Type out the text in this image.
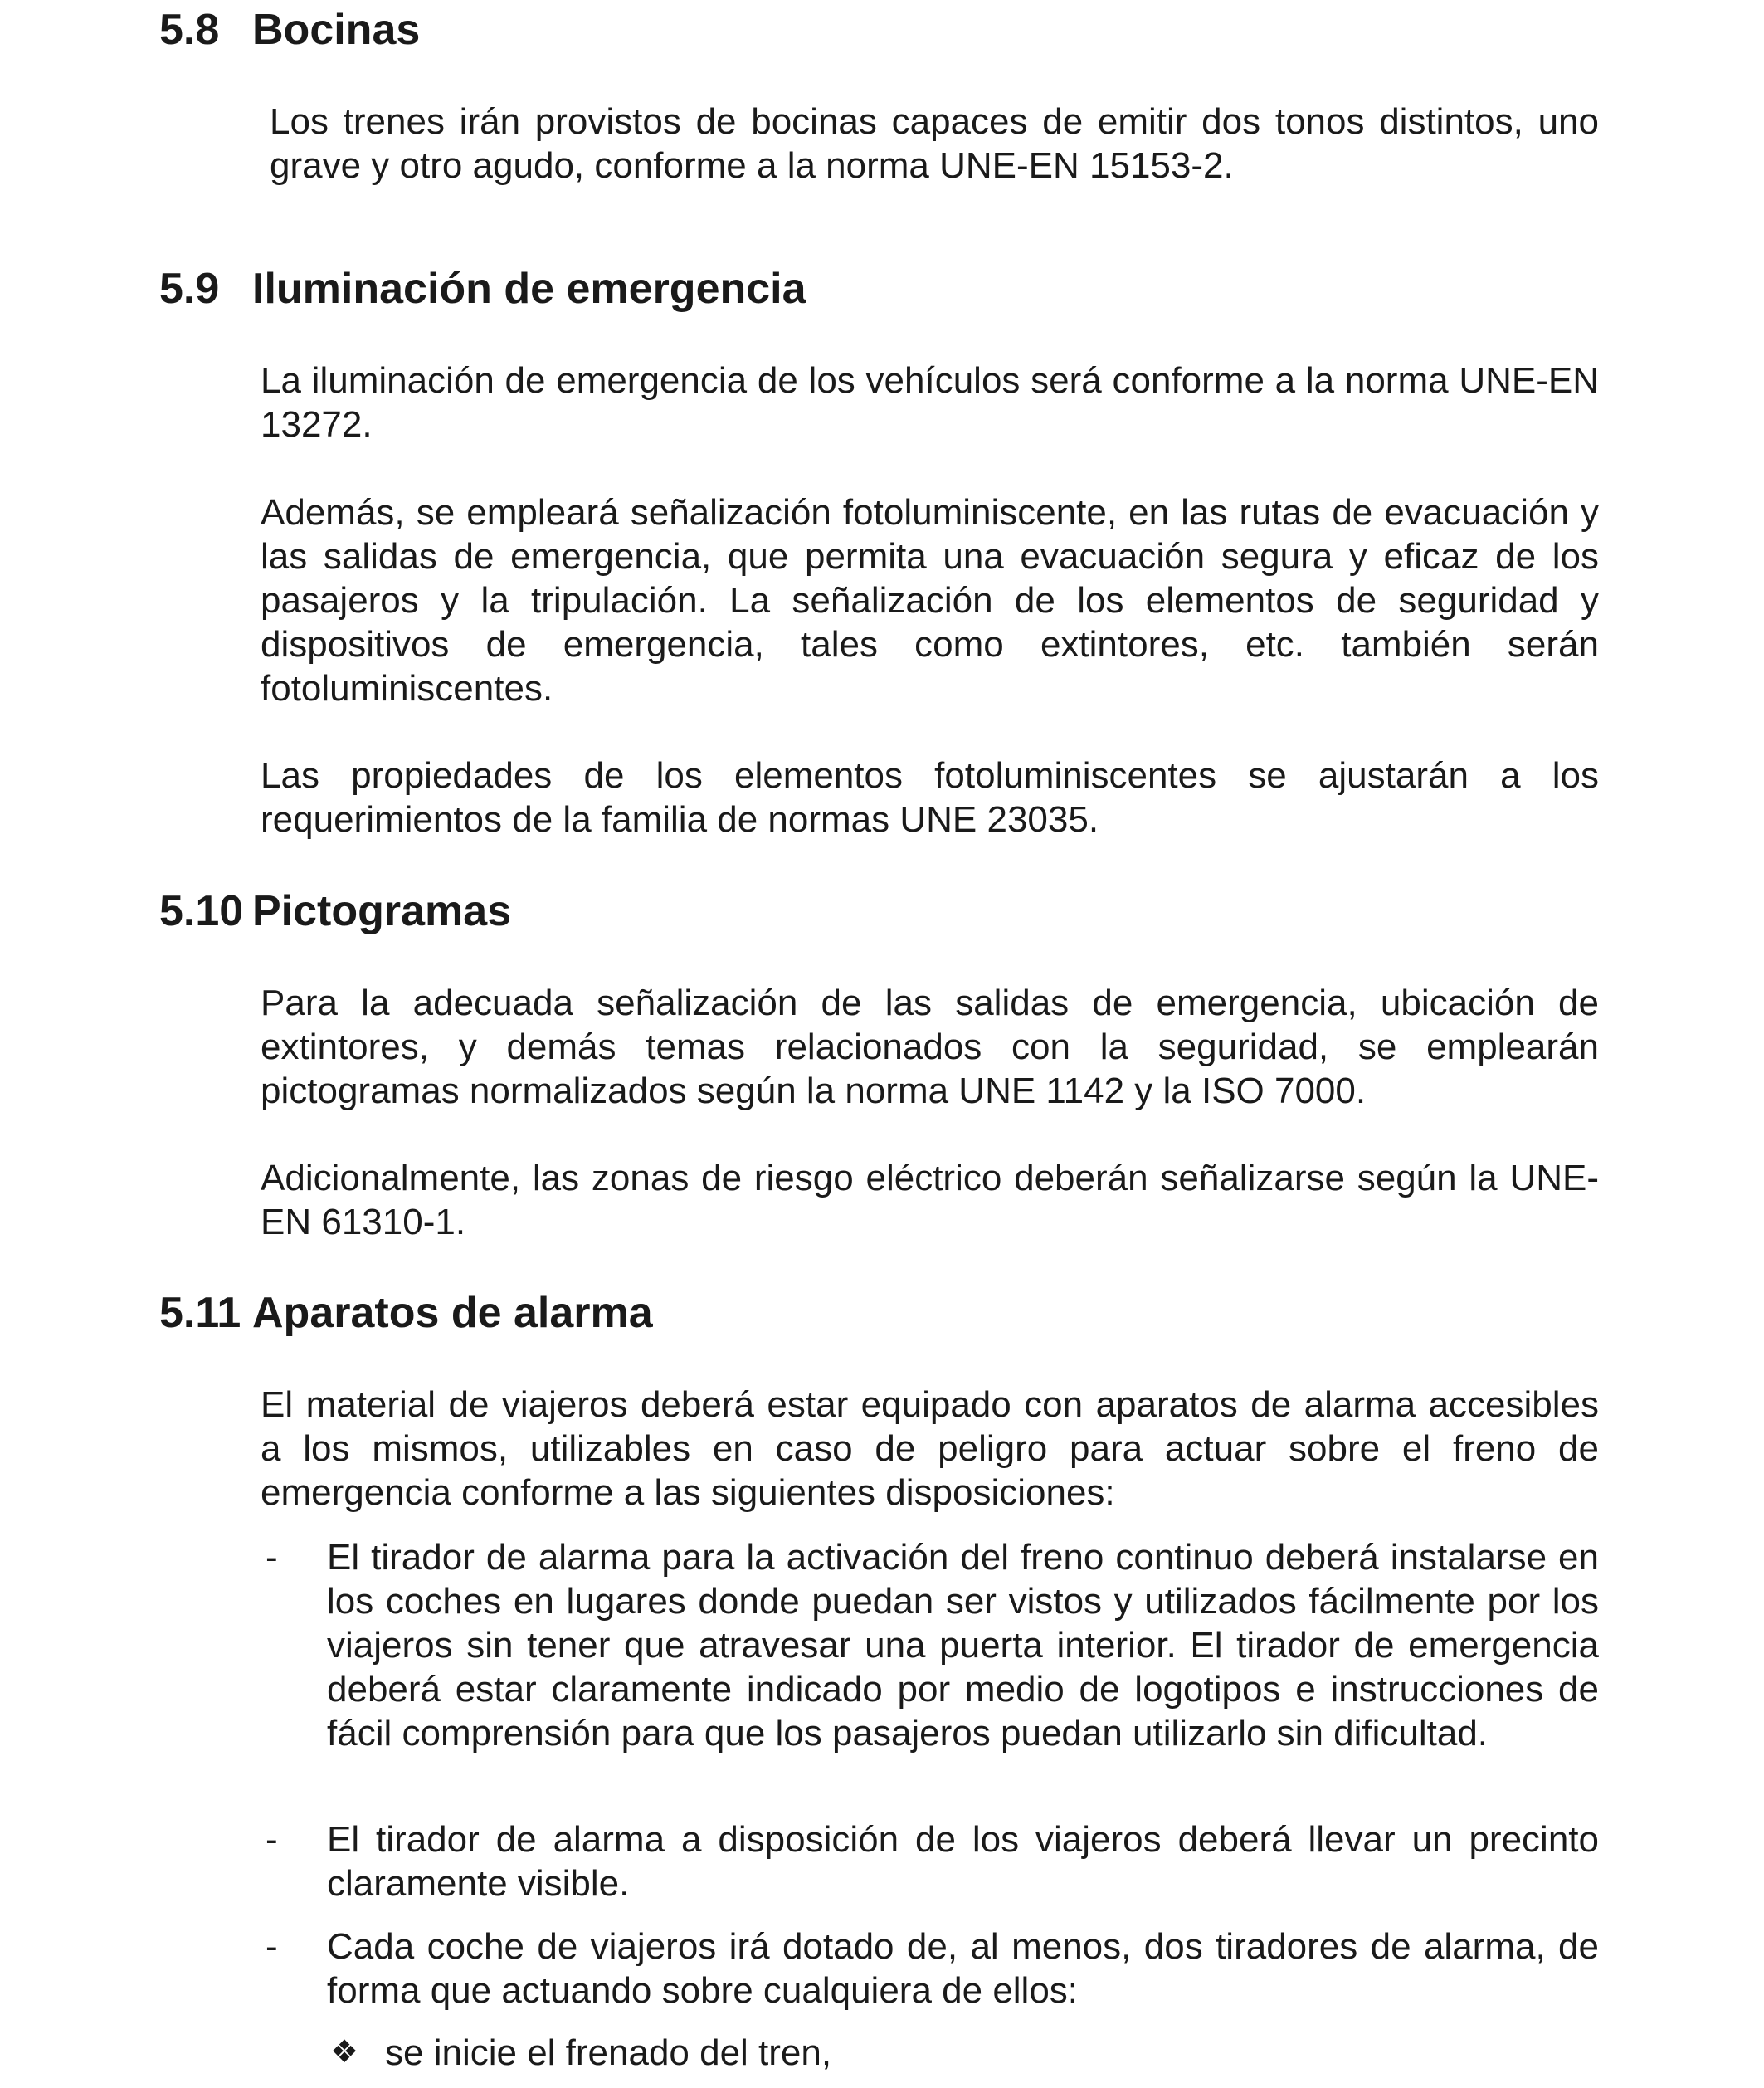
5.8 Bocinas

Los trenes irán provistos de bocinas capaces de emitir dos tonos distintos, uno grave y otro agudo, conforme a la norma UNE-EN 15153-2.

5.9 Iluminación de emergencia

La iluminación de emergencia de los vehículos será conforme a la norma UNE-EN 13272.

Además, se empleará señalización fotoluminiscente, en las rutas de evacuación y las salidas de emergencia, que permita una evacuación segura y eficaz de los pasajeros y la tripulación. La señalización de los elementos de seguridad y dispositivos de emergencia, tales como extintores, etc. también serán fotoluminiscentes.

Las propiedades de los elementos fotoluminiscentes se ajustarán a los requerimientos de la familia de normas UNE 23035.

5.10 Pictogramas

Para la adecuada señalización de las salidas de emergencia, ubicación de extintores, y demás temas relacionados con la seguridad, se emplearán pictogramas normalizados según la norma UNE 1142 y la ISO 7000.

Adicionalmente, las zonas de riesgo eléctrico deberán señalizarse según la UNE-EN 61310-1.

5.11 Aparatos de alarma

El material de viajeros deberá estar equipado con aparatos de alarma accesibles a los mismos, utilizables en caso de peligro para actuar sobre el freno de emergencia conforme a las siguientes disposiciones:

- El tirador de alarma para la activación del freno continuo deberá instalarse en los coches en lugares donde puedan ser vistos y utilizados fácilmente por los viajeros sin tener que atravesar una puerta interior. El tirador de emergencia deberá estar claramente indicado por medio de logotipos e instrucciones de fácil comprensión para que los pasajeros puedan utilizarlo sin dificultad.
- El tirador de alarma a disposición de los viajeros deberá llevar un precinto claramente visible.
- Cada coche de viajeros irá dotado de, al menos, dos tiradores de alarma, de forma que actuando sobre cualquiera de ellos:
❖ se inicie el frenado del tren,
